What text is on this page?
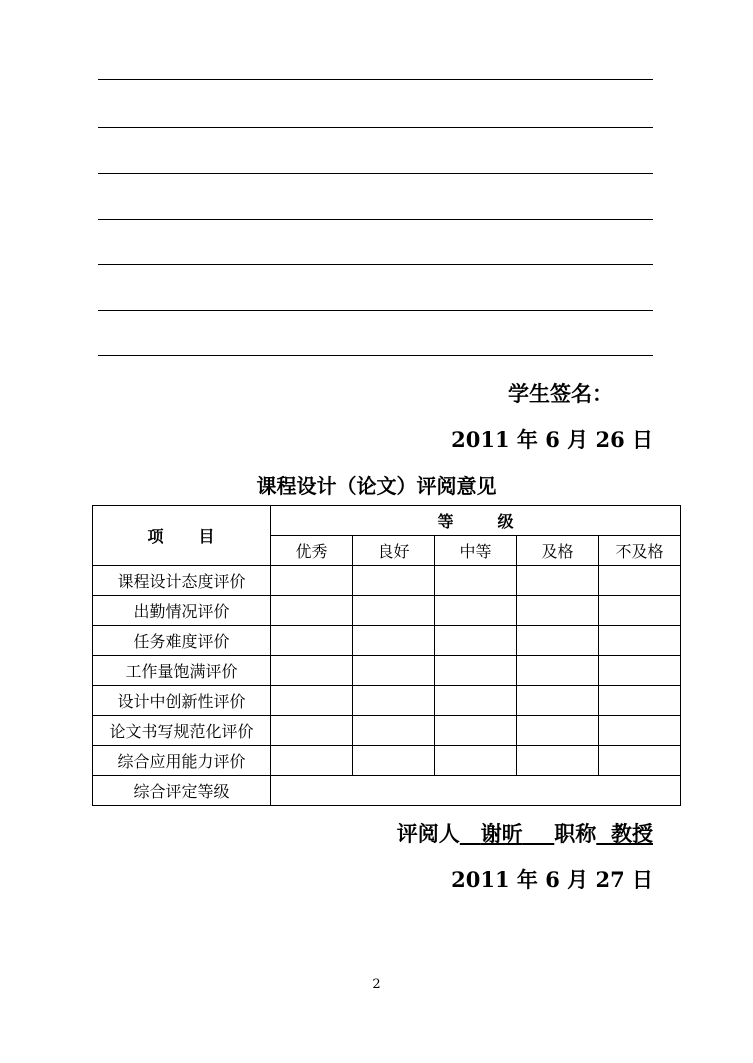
学生签名：
2011 年 6 月 26 日
课程设计（论文）评阅意见
项　　目	等 级				
	优秀	良好	中等	及格	不及格
课程设计态度评价					
出勤情况评价					
任务难度评价					
工作量饱满评价					
设计中创新性评价					
论文书写规范化评价					
综合应用能力评价					
综合评定等级					
评阅人  谢昕   职称   教授
2011 年 6 月 27 日
2
